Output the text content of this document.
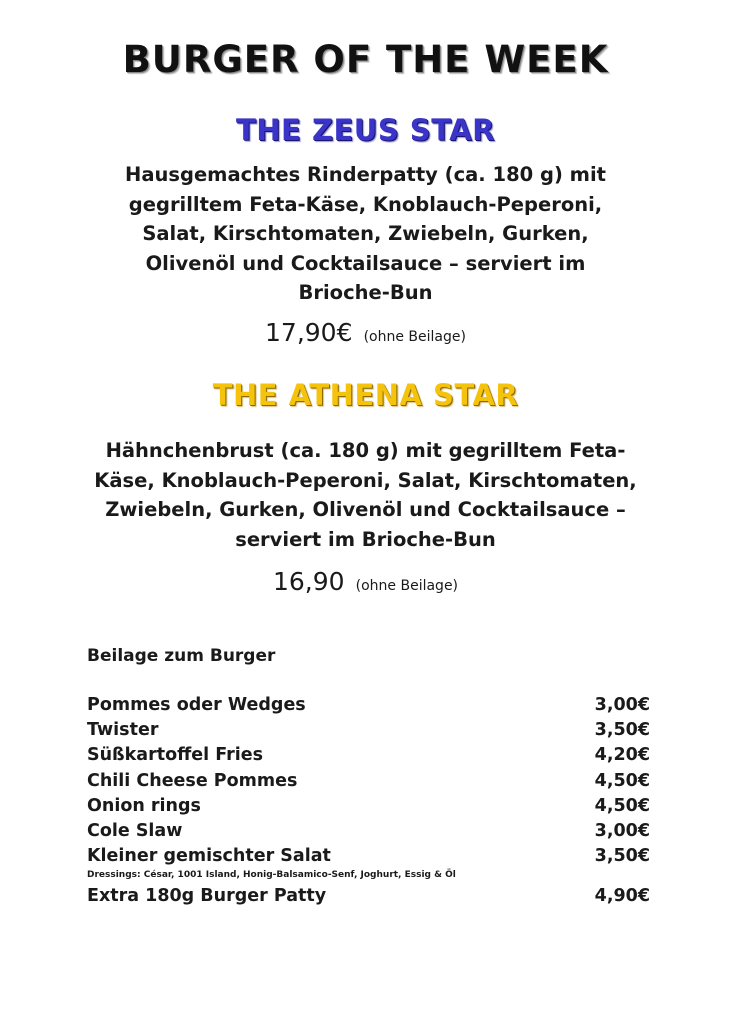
BURGER OF THE WEEK
THE ZEUS STAR
Hausgemachtes Rinderpatty (ca. 180 g) mit gegrilltem Feta-Käse, Knoblauch-Peperoni, Salat, Kirschtomaten, Zwiebeln, Gurken, Olivenöl und Cocktailsauce – serviert im Brioche-Bun
17,90€ (ohne Beilage)
THE ATHENA STAR
Hähnchenbrust (ca. 180 g) mit gegrilltem Feta-Käse, Knoblauch-Peperoni, Salat, Kirschtomaten, Zwiebeln, Gurken, Olivenöl und Cocktailsauce – serviert im Brioche-Bun
16,90 (ohne Beilage)
Beilage zum Burger
Pommes oder Wedges	3,00€
Twister	3,50€
Süßkartoffel Fries	4,20€
Chili Cheese Pommes	4,50€
Onion rings	4,50€
Cole Slaw	3,00€
Kleiner gemischter Salat	3,50€
Dressings: César, 1001 Island, Honig-Balsamico-Senf, Joghurt, Essig & Öl
Extra 180g Burger Patty	4,90€
